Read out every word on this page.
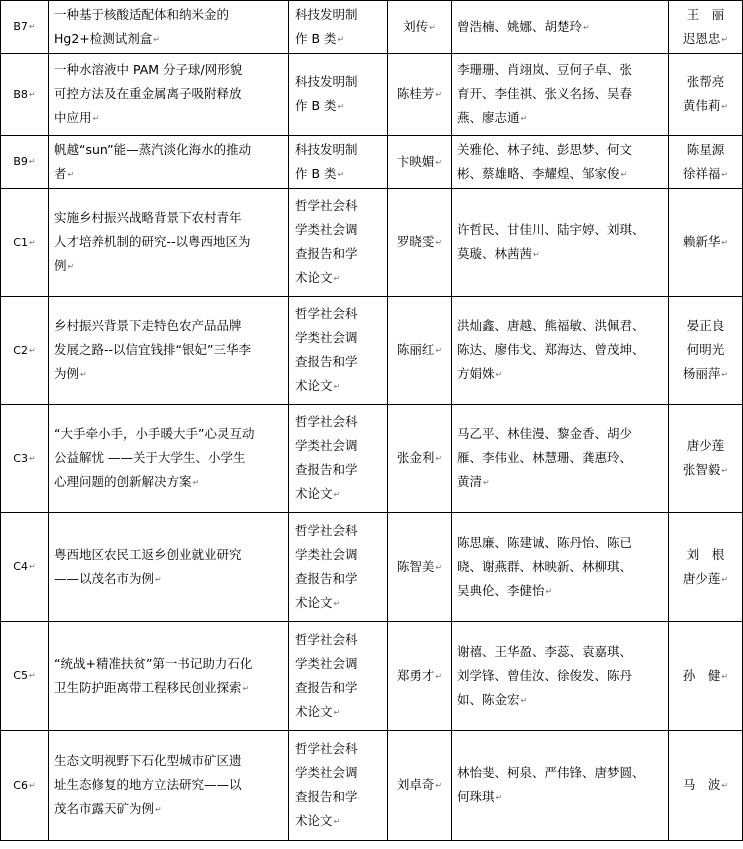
B7↵	一种基于核酸适配体和纳米金的
Hg2+检测试剂盒↵	科技发明制
作 B 类↵	刘传↵	曾浩楠、姚娜、胡楚玲↵	王　丽
迟恩忠↵

B8↵	一种水溶液中 PAM 分子球/网形貌
可控方法及在重金属离子吸附释放
中应用↵	科技发明制
作 B 类↵	陈桂芳↵	李珊珊、肖翊岚、豆何子卓、张
育开、李佳祺、张义名扬、吴春
燕、廖志通↵	张帮亮
黄伟莉↵

B9↵	帆越“sun”能—蒸汽淡化海水的推动
者↵	科技发明制
作 B 类↵	卞映媚↵	关雅伦、林子纯、彭思梦、何文
彬、蔡雄略、李耀煌、邹家俊↵	陈星源
徐祥福↵

C1↵	实施乡村振兴战略背景下农村青年
人才培养机制的研究--以粤西地区为
例↵	哲学社会科
学类社会调
查报告和学
术论文↵	罗晓雯↵	许哲民、甘佳川、陆宇婷、刘琪、
莫璇、林茜茜↵	赖新华↵

C2↵	乡村振兴背景下走特色农产品品牌
发展之路--以信宜钱排“银妃”三华李
为例↵	哲学社会科
学类社会调
查报告和学
术论文↵	陈丽红↵	洪灿鑫、唐越、熊福敏、洪佩君、
陈达、廖伟戈、郑海达、曾茂坤、
方娟姝↵	晏正良
何明光
杨丽萍↵

C3↵	“大手牵小手，小手暖大手”心灵互动
公益解忧 ——关于大学生、小学生
心理问题的创新解决方案↵	哲学社会科
学类社会调
查报告和学
术论文↵	张金利↵	马乙平、林佳漫、黎金香、胡少
雁、李伟业、林慧珊、龚惠玲、
黄清↵	唐少莲
张智毅↵

C4↵	粤西地区农民工返乡创业就业研究
——以茂名市为例↵	哲学社会科
学类社会调
查报告和学
术论文↵	陈智美↵	陈思廉、陈建诚、陈丹怡、陈已
晓、谢燕群、林映新、林柳琪、
吴典伦、李健怡↵	刘　根
唐少莲↵

C5↵	“统战+精准扶贫”第一书记助力石化
卫生防护距离带工程移民创业探索↵	哲学社会科
学类社会调
查报告和学
术论文↵	郑勇才↵	谢禧、王华盈、李蕊、袁嘉琪、
刘学锋、曾佳汝、徐俊发、陈丹
如、陈金宏↵	孙　健↵

C6↵	生态文明视野下石化型城市矿区遗
址生态修复的地方立法研究——以
茂名市露天矿为例↵	哲学社会科
学类社会调
查报告和学
术论文↵	刘卓奇↵	林怡斐、柯泉、严伟锋、唐梦圆、
何珠琪↵	马　波↵
